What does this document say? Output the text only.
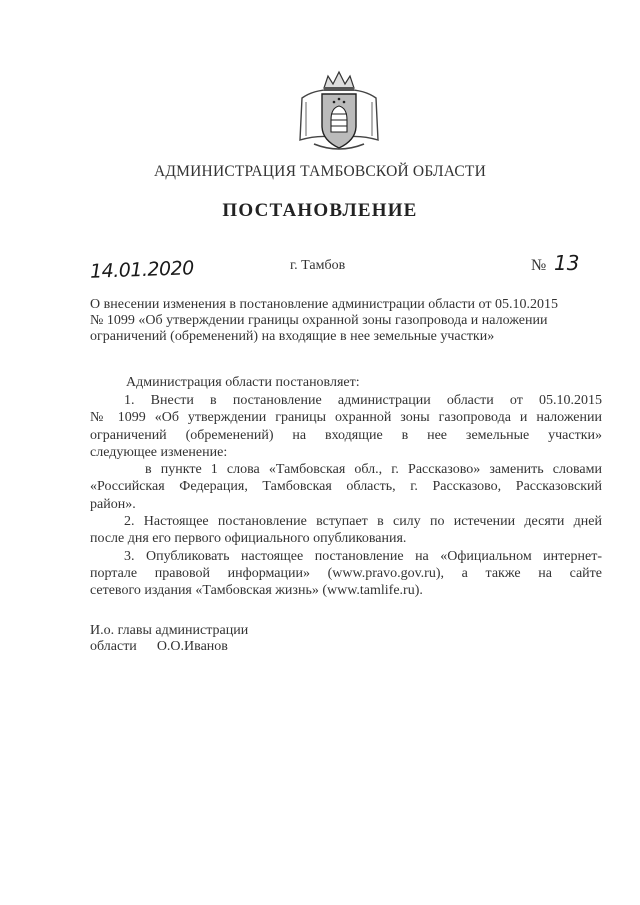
АДМИНИСТРАЦИЯ ТАМБОВСКОЙ ОБЛАСТИ
ПОСТАНОВЛЕНИЕ
14.01.2020	г. Тамбов	№ 13
О внесении изменения в постановление администрации области от 05.10.2015
№ 1099 «Об утверждении границы охранной зоны газопровода и наложении
ограничений (обременений) на входящие в нее земельные участки»
Администрация области постановляет:
1. Внести в постановление администрации области от 05.10.2015
№ 1099 «Об утверждении границы охранной зоны газопровода и наложении
ограничений (обременений) на входящие в нее земельные участки»
следующее изменение:
в пункте 1 слова «Тамбовская обл., г. Рассказово» заменить словами
«Российская Федерация, Тамбовская область, г. Рассказово, Рассказовский
район».
2. Настоящее постановление вступает в силу по истечении десяти дней
после дня его первого официального опубликования.
3. Опубликовать настоящее постановление на «Официальном интернет-
портале правовой информации» (www.pravo.gov.ru), а также на сайте
сетевого издания «Тамбовская жизнь» (www.tamlife.ru).
И.о. главы администрации
области О.О.Иванов
